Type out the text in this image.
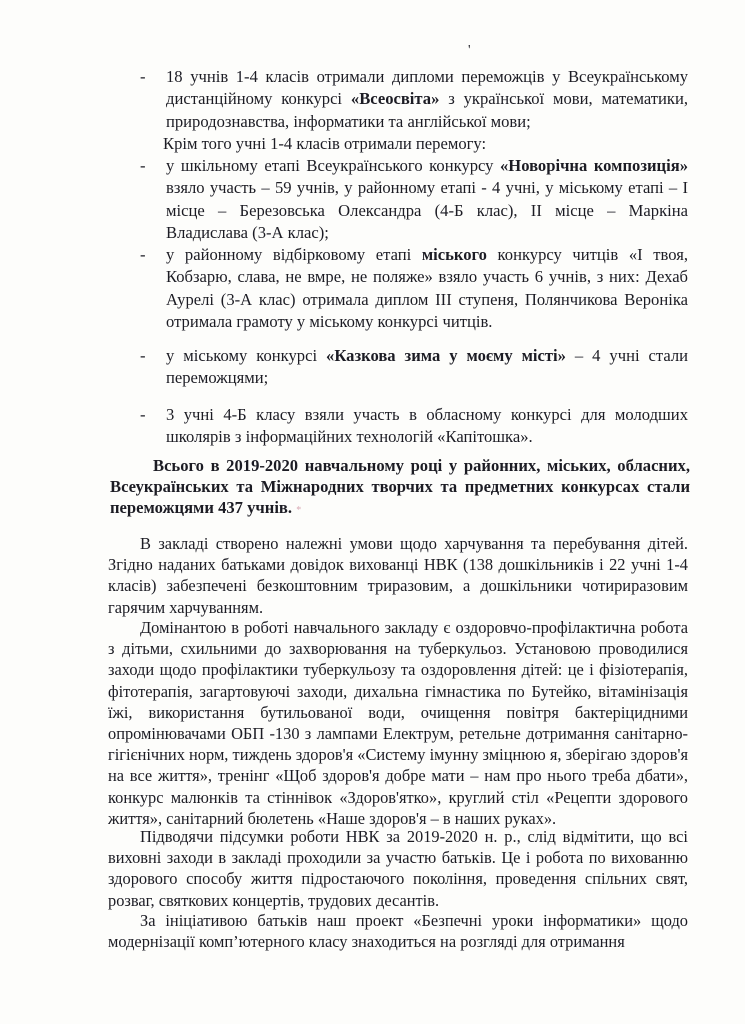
'
- 18 учнів 1-4 класів отримали дипломи переможців у Всеукраїнському дистанційному конкурсі «Всеосвіта» з української мови, математики, природознавства, інформатики та англійської мови;
Крім того учні 1-4 класів отримали перемогу:
- у шкільному етапі Всеукраїнського конкурсу «Новорічна композиція» взяло участь – 59 учнів, у районному етапі - 4 учні, у міському етапі – І місце – Березовська Олександра (4-Б клас), ІІ місце – Маркіна Владислава (3-А клас);
- у районному відбірковому етапі міського конкурсу читців «І твоя, Кобзарю, слава, не вмре, не поляже» взяло участь 6 учнів, з них: Дехаб Аурелі (3-А клас) отримала диплом ІІІ ступеня, Полянчикова Вероніка отримала грамоту у міському конкурсі читців.
- у міському конкурсі «Казкова зима у моєму місті» – 4 учні стали переможцями;
- 3 учні 4-Б класу взяли участь в обласному конкурсі для молодших школярів з інформаційних технологій «Капітошка».
Всього в 2019-2020 навчальному році у районних, міських, обласних, Всеукраїнських та Міжнародних творчих та предметних конкурсах стали переможцями 437 учнів. *
В закладі створено належні умови щодо харчування та перебування дітей. Згідно наданих батьками довідок вихованці НВК (138 дошкільників і 22 учні 1-4 класів) забезпечені безкоштовним триразовим, а дошкільники чотириразовим гарячим харчуванням.
Домінантою в роботі навчального закладу є оздоровчо-профілактична робота з дітьми, схильними до захворювання на туберкульоз. Установою проводилися заходи щодо профілактики туберкульозу та оздоровлення дітей: це і фізіотерапія, фітотерапія, загартовуючі заходи, дихальна гімнастика по Бутейко, вітамінізація їжі, використання бутильованої води, очищення повітря бактеріцидними опромінювачами ОБП -130 з лампами Електрум, ретельне дотримання санітарно-гігієнічних норм, тиждень здоров'я «Систему імунну змiцнюю я, зберігаю здоров'я на все життя», тренінг «Щоб здоров'я добре мати – нам про нього треба дбати», конкурс малюнків та стіннівок «Здоров'ятко», круглий стіл «Рецепти здорового життя», санітарний бюлетень «Наше здоров'я – в наших руках».
Підводячи підсумки роботи НВК за 2019-2020 н. р., слід відмітити, що всі виховні заходи в закладі проходили за участю батьків. Це і робота по вихованню здорового способу життя підростаючого покоління, проведення спільних свят, розваг, святкових концертів, трудових десантів.
За ініціативою батьків наш проект «Безпечні уроки інформатики» щодо модернізації комп’ютерного класу знаходиться на розгляді для отримання
